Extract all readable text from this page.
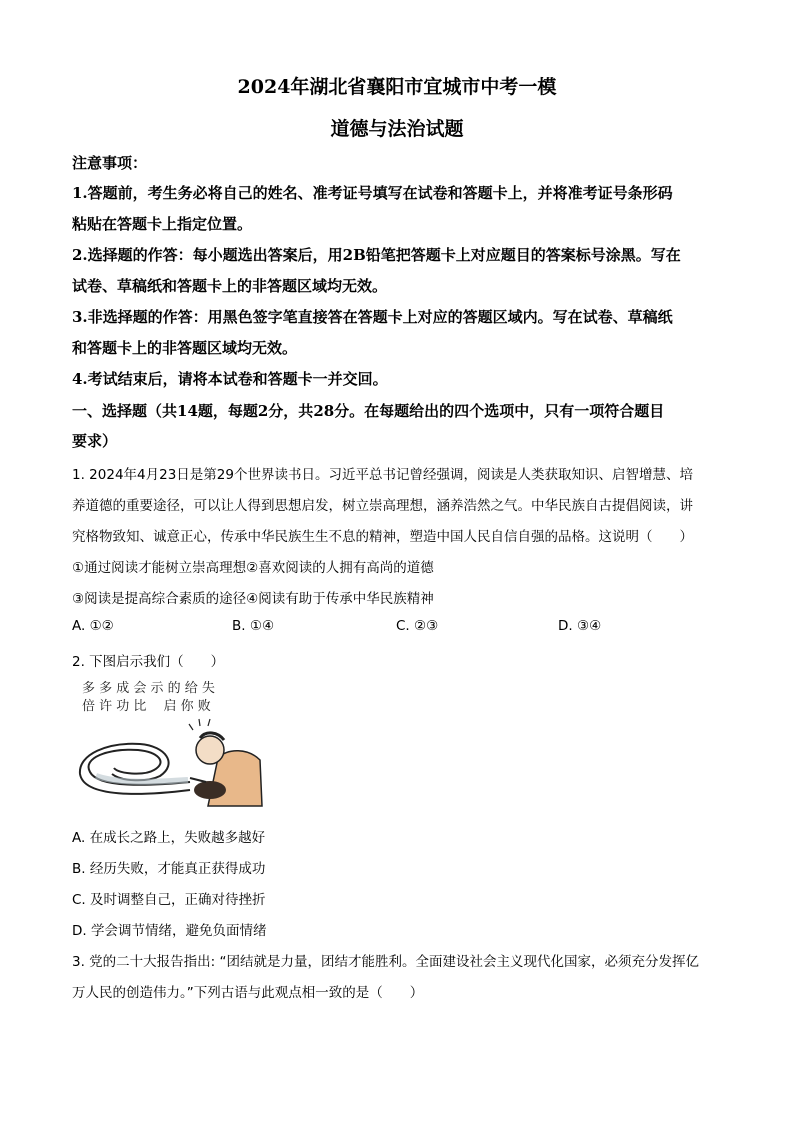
2024年湖北省襄阳市宜城市中考一模
道德与法治试题
注意事项：
1.答题前，考生务必将自己的姓名、准考证号填写在试卷和答题卡上，并将准考证号条形码
粘贴在答题卡上指定位置。
2.选择题的作答：每小题选出答案后，用2B铅笔把答题卡上对应题目的答案标号涂黑。写在
试卷、草稿纸和答题卡上的非答题区域均无效。
3.非选择题的作答：用黑色签字笔直接答在答题卡上对应的答题区域内。写在试卷、草稿纸
和答题卡上的非答题区域均无效。
4.考试结束后，请将本试卷和答题卡一并交回。
一、选择题（共14题，每题2分，共28分。在每题给出的四个选项中，只有一项符合题目
要求）
1. 2024年4月23日是第29个世界读书日。习近平总书记曾经强调，阅读是人类获取知识、启智增慧、培
养道德的重要途径，可以让人得到思想启发，树立崇高理想，涵养浩然之气。中华民族自古提倡阅读，讲
究格物致知、诚意正心，传承中华民族生生不息的精神，塑造中国人民自信自强的品格。这说明（　　）
①通过阅读才能树立崇高理想②喜欢阅读的人拥有高尚的道德
③阅读是提高综合素质的途径④阅读有助于传承中华民族精神
A. ①②	B. ①④	C. ②③	D. ③④
2. 下图启示我们（　　）
多 多 成 会 示 的 给 失
倍 许 功 比　 启 你 败
A. 在成长之路上，失败越多越好
B. 经历失败，才能真正获得成功
C. 及时调整自己，正确对待挫折
D. 学会调节情绪，避免负面情绪
3. 党的二十大报告指出: “团结就是力量，团结才能胜利。全面建设社会主义现代化国家，必须充分发挥亿
万人民的创造伟力。”下列古语与此观点相一致的是（　　）
